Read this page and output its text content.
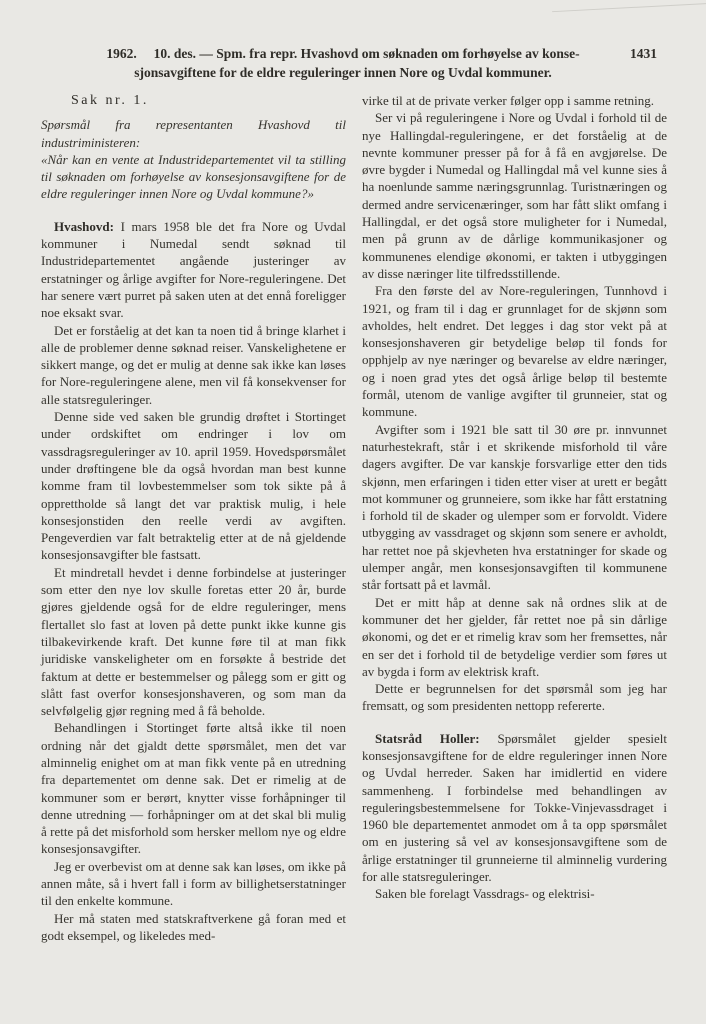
1962.  10. des. — Spm. fra repr. Hvashovd om søknaden om forhøyelse av konse-	1431
sjonsavgiftene for de eldre reguleringer innen Nore og Uvdal kommuner.

Sak nr. 1.

Spørsmål fra representanten Hvashovd til industriministeren:

«Når kan en vente at Industridepartementet vil ta stilling til søknaden om forhøyelse av konsesjonsavgiftene for de eldre reguleringer innen Nore og Uvdal kommune?»

Hvashovd: I mars 1958 ble det fra Nore og Uvdal kommuner i Numedal sendt søknad til Industridepartementet angående justeringer av erstatninger og årlige avgifter for Nore-reguleringene. Det har senere vært purret på saken uten at det ennå foreligger noe eksakt svar.

Det er forståelig at det kan ta noen tid å bringe klarhet i alle de problemer denne søknad reiser. Vanskelighetene er sikkert mange, og det er mulig at denne sak ikke kan løses for Nore-reguleringene alene, men vil få konsekvenser for alle statsreguleringer.

Denne side ved saken ble grundig drøftet i Stortinget under ordskiftet om endringer i lov om vassdragsreguleringer av 10. april 1959. Hovedspørsmålet under drøftingene ble da også hvordan man best kunne komme fram til lovbestemmelser som tok sikte på å opprettholde så langt det var praktisk mulig, i hele konsesjonstiden den reelle verdi av avgiften. Pengeverdien var falt betraktelig etter at de nå gjeldende konsesjonsavgifter ble fastsatt.

Et mindretall hevdet i denne forbindelse at justeringer som etter den nye lov skulle foretas etter 20 år, burde gjøres gjeldende også for de eldre reguleringer, mens flertallet slo fast at loven på dette punkt ikke kunne gis tilbakevirkende kraft. Det kunne føre til at man fikk juridiske vanskeligheter om en forsøkte å bestride det faktum at dette er bestemmelser og pålegg som er gitt og slått fast overfor konsesjonshaveren, og som man da selvfølgelig gjør regning med å få beholde.

Behandlingen i Stortinget førte altså ikke til noen ordning når det gjaldt dette spørsmålet, men det var alminnelig enighet om at man fikk vente på en utredning fra departementet om denne sak. Det er rimelig at de kommuner som er berørt, knytter visse forhåpninger til denne utredning — forhåpninger om at det skal bli mulig å rette på det misforhold som hersker mellom nye og eldre konsesjonsavgifter.

Jeg er overbevist om at denne sak kan løses, om ikke på annen måte, så i hvert fall i form av billighetserstatninger til den enkelte kommune.

Her må staten med statskraftverkene gå foran med et godt eksempel, og likeledes med-

virke til at de private verker følger opp i samme retning.

Ser vi på reguleringene i Nore og Uvdal i forhold til de nye Hallingdal-reguleringene, er det forståelig at de nevnte kommuner presser på for å få en avgjørelse. De øvre bygder i Numedal og Hallingdal må vel kunne sies å ha noenlunde samme næringsgrunnlag. Turistnæringen og dermed andre servicenæringer, som har fått slikt omfang i Hallingdal, er det også store muligheter for i Numedal, men på grunn av de dårlige kommunikasjoner og kommunenes elendige økonomi, er takten i utbyggingen av disse næringer lite tilfredsstillende.

Fra den første del av Nore-reguleringen, Tunnhovd i 1921, og fram til i dag er grunnlaget for de skjønn som avholdes, helt endret. Det legges i dag stor vekt på at konsesjonshaveren gir betydelige beløp til fonds for opphjelp av nye næringer og bevarelse av eldre næringer, og i noen grad ytes det også årlige beløp til bestemte formål, utenom de vanlige avgifter til grunneier, stat og kommune.

Avgifter som i 1921 ble satt til 30 øre pr. innvunnet naturhestekraft, står i et skrikende misforhold til våre dagers avgifter. De var kanskje forsvarlige etter den tids skjønn, men erfaringen i tiden etter viser at urett er begått mot kommuner og grunneiere, som ikke har fått erstatning i forhold til de skader og ulemper som er forvoldt. Videre utbygging av vassdraget og skjønn som senere er avholdt, har rettet noe på skjevheten hva erstatninger for skade og ulemper angår, men konsesjonsavgiften til kommunene står fortsatt på et lavmål.

Det er mitt håp at denne sak nå ordnes slik at de kommuner det her gjelder, får rettet noe på sin dårlige økonomi, og det er et rimelig krav som her fremsettes, når en ser det i forhold til de betydelige verdier som føres ut av bygda i form av elektrisk kraft.

Dette er begrunnelsen for det spørsmål som jeg har fremsatt, og som presidenten nettopp refererte.

Statsråd Holler: Spørsmålet gjelder spesielt konsesjonsavgiftene for de eldre reguleringer innen Nore og Uvdal herreder. Saken har imidlertid en videre sammenheng. I forbindelse med behandlingen av reguleringsbestemmelsene for Tokke-Vinjevassdraget i 1960 ble departementet anmodet om å ta opp spørsmålet om en justering så vel av konsesjonsavgiftene som de årlige erstatninger til grunneierne til alminnelig vurdering for alle statsreguleringer.

Saken ble forelagt Vassdrags- og elektrisi-
